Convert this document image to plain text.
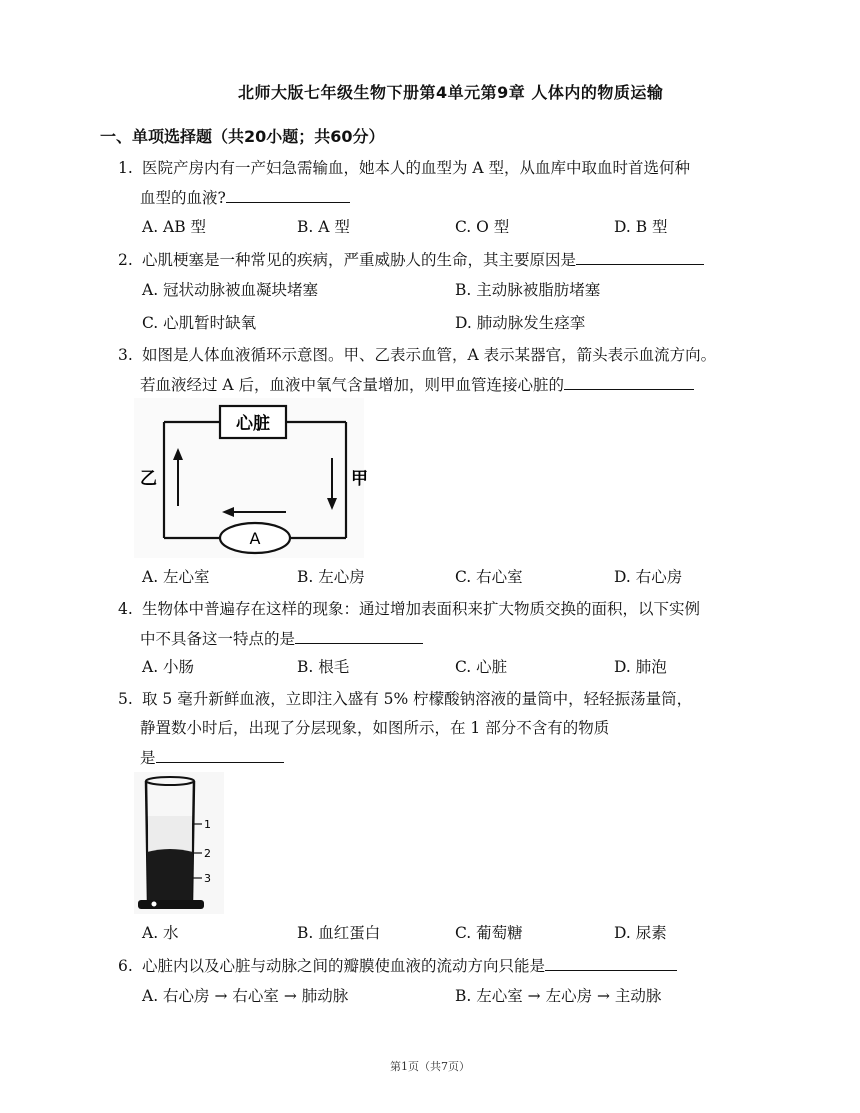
北师大版七年级生物下册第4单元第9章 人体内的物质运输
一、单项选择题（共20小题；共60分）
1. 医院产房内有一产妇急需输血，她本人的血型为 A 型，从血库中取血时首选何种
血型的血液?
A. AB 型	B. A 型	C. O 型	D. B 型
2. 心肌梗塞是一种常见的疾病，严重威胁人的生命，其主要原因是
A. 冠状动脉被血凝块堵塞	B. 主动脉被脂肪堵塞
C. 心肌暂时缺氧	D. 肺动脉发生痉挛
3. 如图是人体血液循环示意图。甲、乙表示血管，A 表示某器官，箭头表示血流方向。
若血液经过 A 后，血液中氧气含量增加，则甲血管连接心脏的
心脏
A
乙	甲
A. 左心室	B. 左心房	C. 右心室	D. 右心房
4. 生物体中普遍存在这样的现象：通过增加表面积来扩大物质交换的面积，以下实例
中不具备这一特点的是
A. 小肠	B. 根毛	C. 心脏	D. 肺泡
5. 取 5 毫升新鲜血液，立即注入盛有 5% 柠檬酸钠溶液的量筒中，轻轻振荡量筒，
静置数小时后，出现了分层现象，如图所示，在 1 部分不含有的物质
是
1
2
3
A. 水	B. 血红蛋白	C. 葡萄糖	D. 尿素
6. 心脏内以及心脏与动脉之间的瓣膜使血液的流动方向只能是
A. 右心房 → 右心室 → 肺动脉	B. 左心室 → 左心房 → 主动脉
第1页（共7页）
